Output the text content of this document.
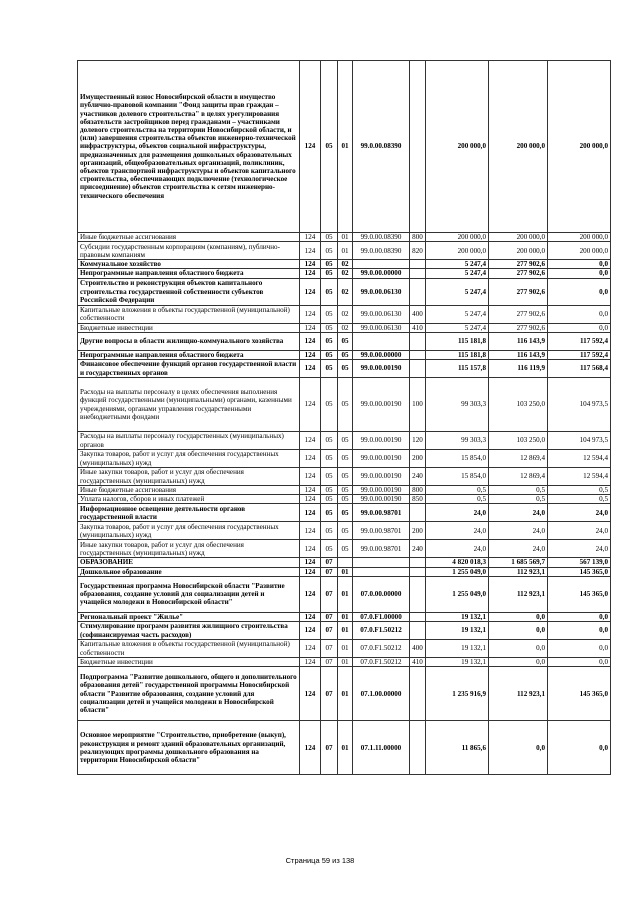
Имущественный взнос Новосибирской области в имущество публично-правовой компании "Фонд защиты прав граждан – участников долевого строительства" в целях урегулирования обязательств застройщиков перед гражданами – участниками долевого строительства на территории Новосибирской области, и (или) завершения строительства объектов инженерно-технической инфраструктуры, объектов социальной инфраструктуры, предназначенных для размещения дошкольных образовательных организаций, общеобразовательных организаций, поликлиник, объектов транспортной инфраструктуры и объектов капитального строительства, обеспечивающих подключение (технологическое присоединение) объектов строительства к сетям инженерно-технического обеспечения	124	05	01	99.0.00.08390		200 000,0	200 000,0	200 000,0
Иные бюджетные ассигнования	124	05	01	99.0.00.08390	800	200 000,0	200 000,0	200 000,0
Субсидии государственным корпорациям (компаниям), публично-правовым компаниям	124	05	01	99.0.00.08390	820	200 000,0	200 000,0	200 000,0
Коммунальное хозяйство	124	05	02			5 247,4	277 902,6	0,0
Непрограммные направления областного бюджета	124	05	02	99.0.00.00000		5 247,4	277 902,6	0,0
Строительство и реконструкция объектов капитального строительства государственной собственности субъектов Российской Федерации	124	05	02	99.0.00.06130		5 247,4	277 902,6	0,0
Капитальные вложения в объекты государственной (муниципальной) собственности	124	05	02	99.0.00.06130	400	5 247,4	277 902,6	0,0
Бюджетные инвестиции	124	05	02	99.0.00.06130	410	5 247,4	277 902,6	0,0
Другие вопросы в области жилищно-коммунального хозяйства	124	05	05			115 181,8	116 143,9	117 592,4
Непрограммные направления областного бюджета	124	05	05	99.0.00.00000		115 181,8	116 143,9	117 592,4
Финансовое обеспечение функций органов государственной власти и государственных органов	124	05	05	99.0.00.00190		115 157,8	116 119,9	117 568,4
Расходы на выплаты персоналу в целях обеспечения выполнения функций государственными (муниципальными) органами, казенными учреждениями, органами управления государственными внебюджетными фондами	124	05	05	99.0.00.00190	100	99 303,3	103 250,0	104 973,5
Расходы на выплаты персоналу государственных (муниципальных) органов	124	05	05	99.0.00.00190	120	99 303,3	103 250,0	104 973,5
Закупка товаров, работ и услуг для обеспечения государственных (муниципальных) нужд	124	05	05	99.0.00.00190	200	15 854,0	12 869,4	12 594,4
Иные закупки товаров, работ и услуг для обеспечения государственных (муниципальных) нужд	124	05	05	99.0.00.00190	240	15 854,0	12 869,4	12 594,4
Иные бюджетные ассигнования	124	05	05	99.0.00.00190	800	0,5	0,5	0,5
Уплата налогов, сборов и иных платежей	124	05	05	99.0.00.00190	850	0,5	0,5	0,5
Информационное освещение деятельности органов государственной власти	124	05	05	99.0.00.98701		24,0	24,0	24,0
Закупка товаров, работ и услуг для обеспечения государственных (муниципальных) нужд	124	05	05	99.0.00.98701	200	24,0	24,0	24,0
Иные закупки товаров, работ и услуг для обеспечения государственных (муниципальных) нужд	124	05	05	99.0.00.98701	240	24,0	24,0	24,0
ОБРАЗОВАНИЕ	124	07				4 820 018,3	1 685 569,7	567 139,0
Дошкольное образование	124	07	01			1 255 049,0	112 923,1	145 365,0
Государственная программа Новосибирской области "Развитие образования, создание условий для социализации детей и учащейся молодежи в Новосибирской области"	124	07	01	07.0.00.00000		1 255 049,0	112 923,1	145 365,0
Региональный проект "Жилье"	124	07	01	07.0.F1.00000		19 132,1	0,0	0,0
Стимулирование программ развития жилищного строительства (софинансируемая часть расходов)	124	07	01	07.0.F1.50212		19 132,1	0,0	0,0
Капитальные вложения в объекты государственной (муниципальной) собственности	124	07	01	07.0.F1.50212	400	19 132,1	0,0	0,0
Бюджетные инвестиции	124	07	01	07.0.F1.50212	410	19 132,1	0,0	0,0
Подпрограмма "Развитие дошкольного, общего и дополнительного образования детей" государственной программы Новосибирской области "Развитие образования, создание условий для социализации детей и учащейся молодежи в Новосибирской области"	124	07	01	07.1.00.00000		1 235 916,9	112 923,1	145 365,0
Основное мероприятие "Строительство, приобретение (выкуп), реконструкция и ремонт зданий образовательных организаций, реализующих программы дошкольного образования на территории Новосибирской области"	124	07	01	07.1.11.00000		11 865,6	0,0	0,0
Страница 59 из 138
